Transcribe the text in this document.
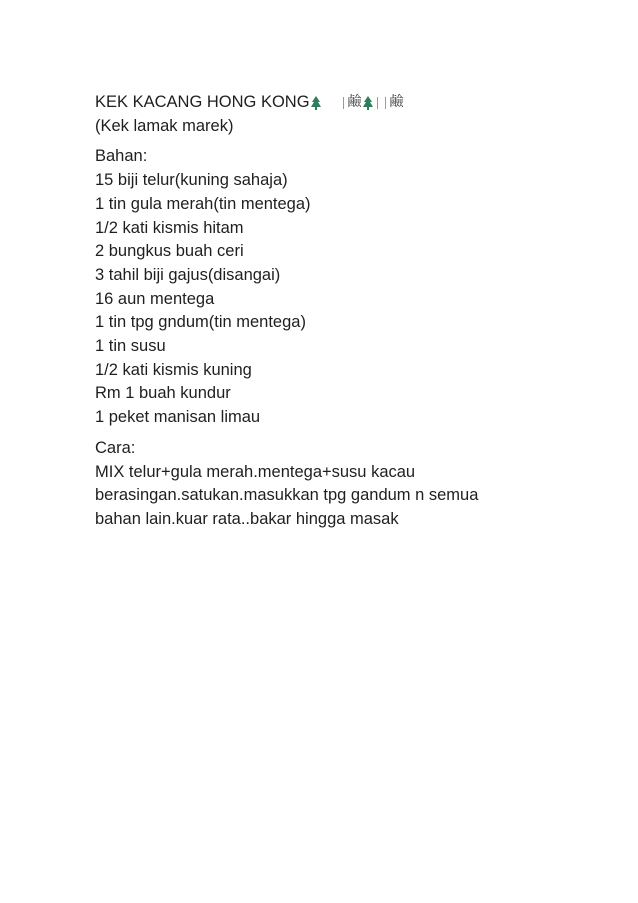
KEK KACANG HONG KONG	鹼 鹼

(Kek lamak marek)

Bahan:

15 biji telur(kuning sahaja)

1 tin gula merah(tin mentega)

1/2 kati kismis hitam

2 bungkus buah ceri

3 tahil biji gajus(disangai)

16 aun mentega

1 tin tpg gndum(tin mentega)

1 tin susu

1/2 kati kismis kuning

Rm 1 buah kundur

1 peket manisan limau

Cara:

MIX telur+gula merah.mentega+susu kacau

berasingan.satukan.masukkan tpg gandum n semua

bahan lain.kuar rata..bakar hingga masak
